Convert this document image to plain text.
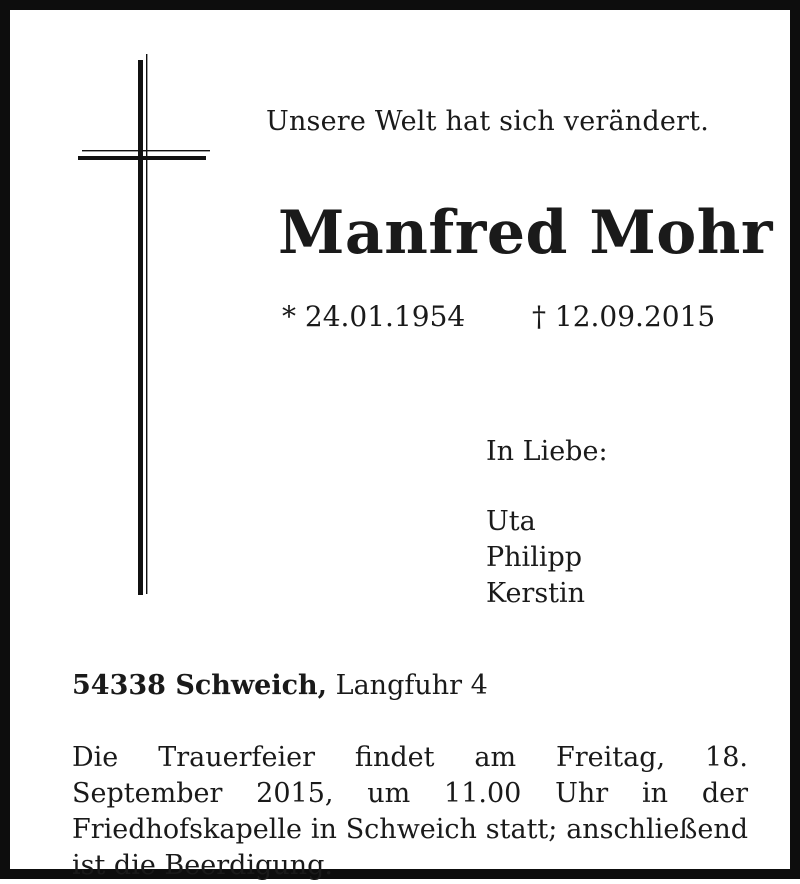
Unsere Welt hat sich verändert.
Manfred Mohr
* 24.01.1954 † 12.09.2015
In Liebe:
Uta
Philipp
Kerstin
54338 Schweich, Langfuhr 4
Die Trauerfeier findet am Freitag, 18. September 2015, um 11.00 Uhr in der Friedhofskapelle in Schweich statt; anschließend ist die Beerdigung.
